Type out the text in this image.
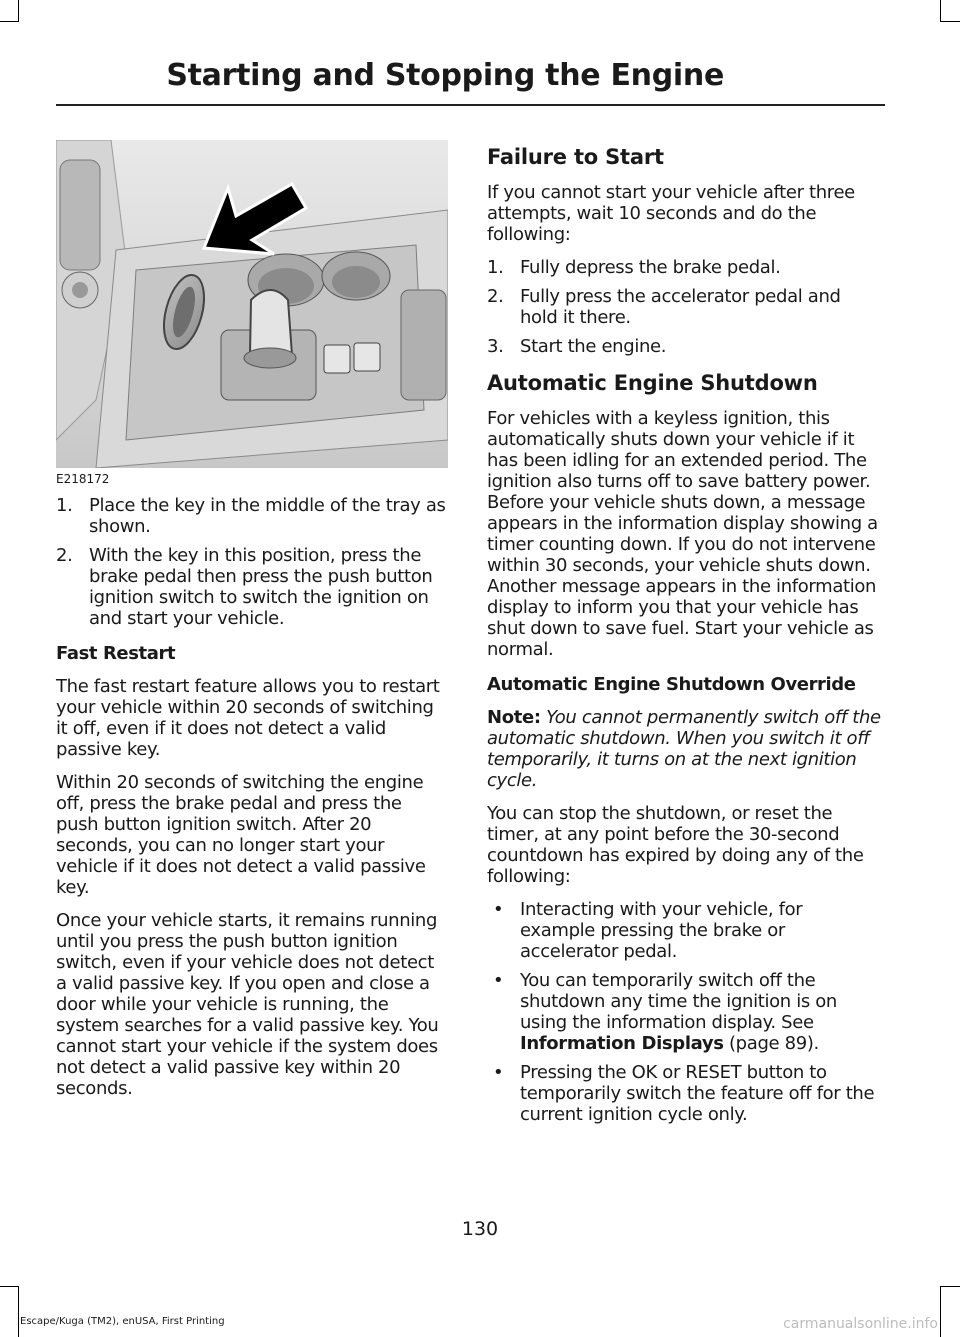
Starting and Stopping the Engine
E218172
1. Place the key in the middle of the tray as shown.
2. With the key in this position, press the brake pedal then press the push button ignition switch to switch the ignition on and start your vehicle.
Fast Restart

The fast restart feature allows you to restart your vehicle within 20 seconds of switching it off, even if it does not detect a valid passive key.

Within 20 seconds of switching the engine off, press the brake pedal and press the push button ignition switch. After 20 seconds, you can no longer start your vehicle if it does not detect a valid passive key.

Once your vehicle starts, it remains running until you press the push button ignition switch, even if your vehicle does not detect a valid passive key. If you open and close a door while your vehicle is running, the system searches for a valid passive key. You cannot start your vehicle if the system does not detect a valid passive key within 20 seconds.

Failure to Start

If you cannot start your vehicle after three attempts, wait 10 seconds and do the following:

1. Fully depress the brake pedal.
2. Fully press the accelerator pedal and hold it there.
3. Start the engine.
Automatic Engine Shutdown

For vehicles with a keyless ignition, this automatically shuts down your vehicle if it has been idling for an extended period. The ignition also turns off to save battery power. Before your vehicle shuts down, a message appears in the information display showing a timer counting down. If you do not intervene within 30 seconds, your vehicle shuts down. Another message appears in the information display to inform you that your vehicle has shut down to save fuel. Start your vehicle as normal.

Automatic Engine Shutdown Override

Note: You cannot permanently switch off the automatic shutdown. When you switch it off temporarily, it turns on at the next ignition cycle.

You can stop the shutdown, or reset the timer, at any point before the 30-second countdown has expired by doing any of the following:

• Interacting with your vehicle, for example pressing the brake or accelerator pedal.
• You can temporarily switch off the shutdown any time the ignition is on using the information display. See Information Displays (page 89).
• Pressing the OK or RESET button to temporarily switch the feature off for the current ignition cycle only.
130
Escape/Kuga (TM2), enUSA, First Printing	carmanualsonline.info
